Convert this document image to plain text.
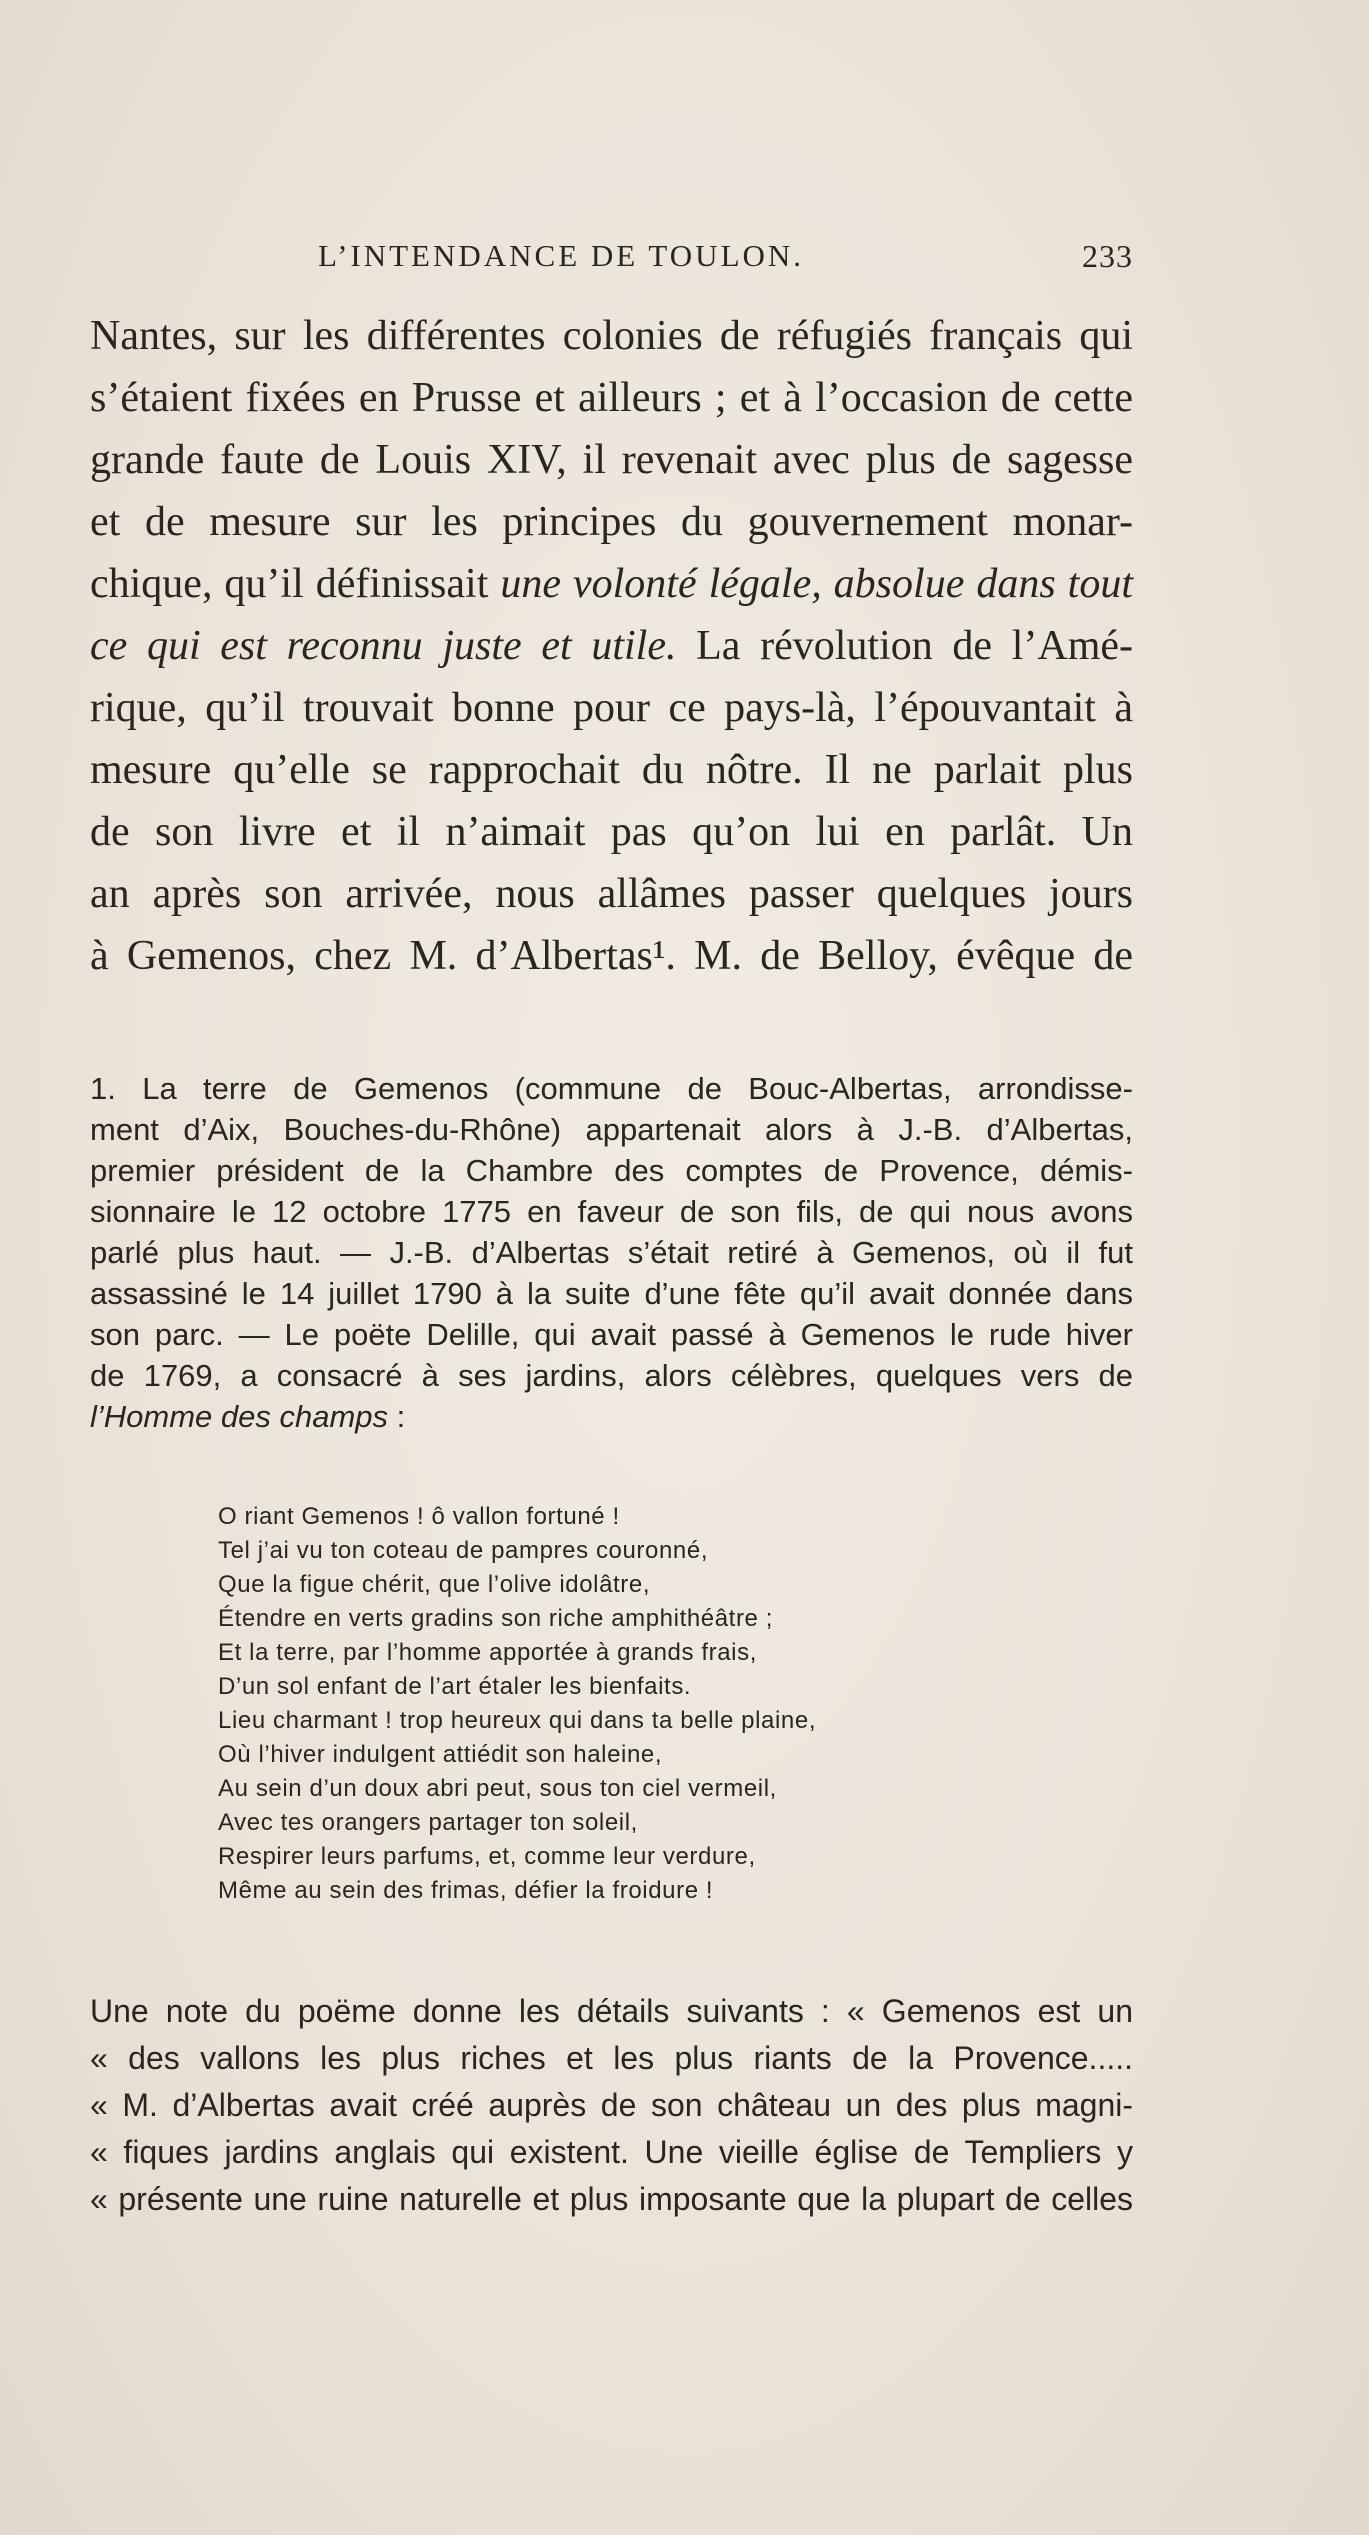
L’INTENDANCE DE TOULON.	233
Nantes, sur les différentes colonies de réfugiés français qui
s’étaient fixées en Prusse et ailleurs ; et à l’occasion de cette
grande faute de Louis XIV, il revenait avec plus de sagesse
et de mesure sur les principes du gouvernement monar-
chique, qu’il définissait une volonté légale, absolue dans tout
ce qui est reconnu juste et utile. La révolution de l’Amé-
rique, qu’il trouvait bonne pour ce pays-là, l’épouvantait à
mesure qu’elle se rapprochait du nôtre. Il ne parlait plus
de son livre et il n’aimait pas qu’on lui en parlât. Un
an après son arrivée, nous allâmes passer quelques jours
à Gemenos, chez M. d’Albertas¹. M. de Belloy, évêque de
1. La terre de Gemenos (commune de Bouc-Albertas, arrondisse-
ment d’Aix, Bouches-du-Rhône) appartenait alors à J.-B. d’Albertas,
premier président de la Chambre des comptes de Provence, démis-
sionnaire le 12 octobre 1775 en faveur de son fils, de qui nous avons
parlé plus haut. — J.-B. d’Albertas s’était retiré à Gemenos, où il fut
assassiné le 14 juillet 1790 à la suite d’une fête qu’il avait donnée dans
son parc. — Le poëte Delille, qui avait passé à Gemenos le rude hiver
de 1769, a consacré à ses jardins, alors célèbres, quelques vers de
l’Homme des champs :
O riant Gemenos ! ô vallon fortuné !
Tel j’ai vu ton coteau de pampres couronné,
Que la figue chérit, que l’olive idolâtre,
Étendre en verts gradins son riche amphithéâtre ;
Et la terre, par l’homme apportée à grands frais,
D’un sol enfant de l’art étaler les bienfaits.
Lieu charmant ! trop heureux qui dans ta belle plaine,
Où l’hiver indulgent attiédit son haleine,
Au sein d’un doux abri peut, sous ton ciel vermeil,
Avec tes orangers partager ton soleil,
Respirer leurs parfums, et, comme leur verdure,
Même au sein des frimas, défier la froidure !
Une note du poëme donne les détails suivants : « Gemenos est un
« des vallons les plus riches et les plus riants de la Provence.....
« M. d’Albertas avait créé auprès de son château un des plus magni-
« fiques jardins anglais qui existent. Une vieille église de Templiers y
« présente une ruine naturelle et plus imposante que la plupart de celles
